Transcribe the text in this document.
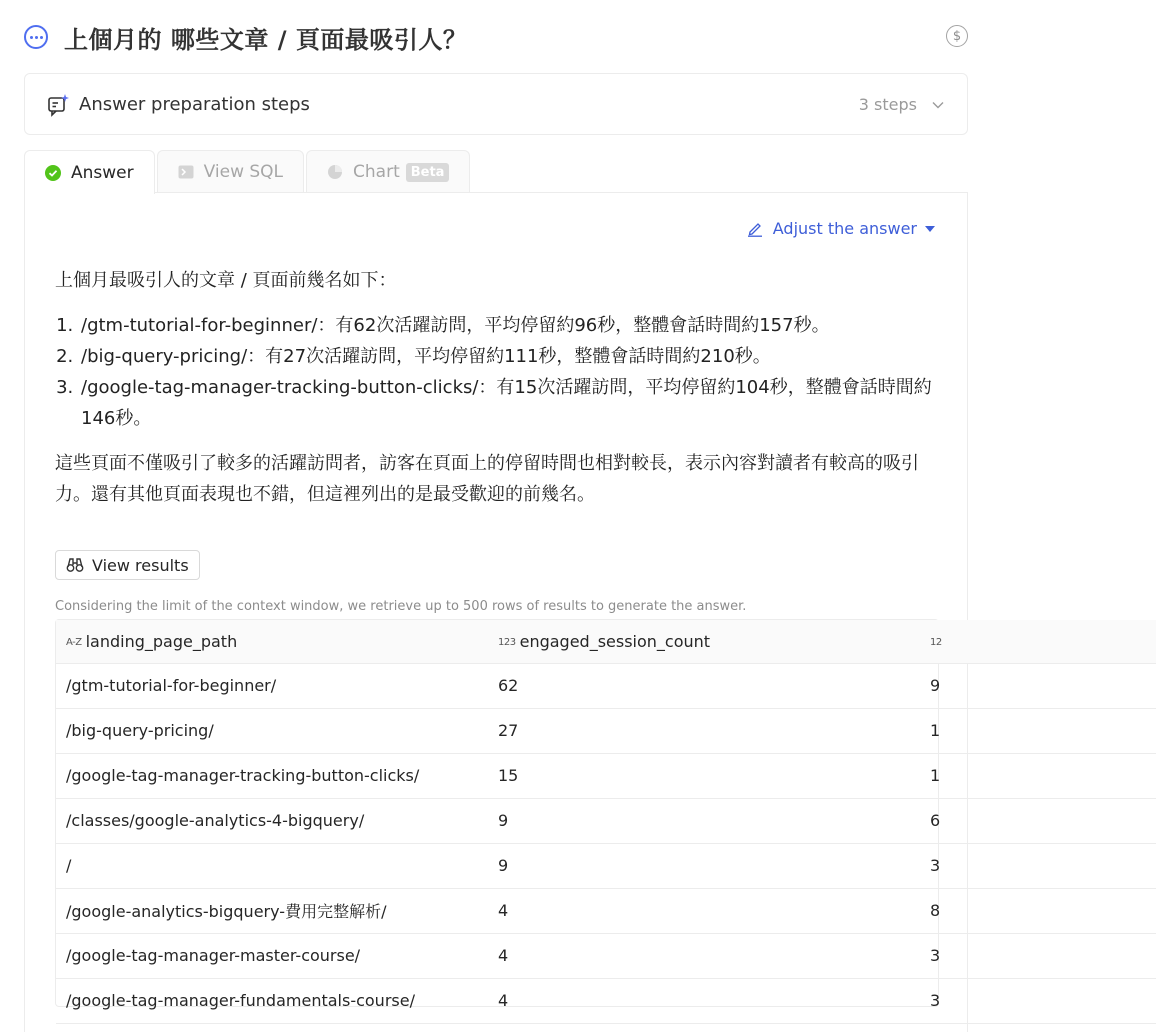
上個月的 哪些文章 / 頁面最吸引人？	$
Answer preparation steps	3 steps
Answer	View SQL	Chart Beta
Adjust the answer

上個月最吸引人的文章 / 頁面前幾名如下：

1. /gtm-tutorial-for-beginner/：有62次活躍訪問，平均停留約96秒，整體會話時間約157秒。
2. /big-query-pricing/：有27次活躍訪問，平均停留約111秒，整體會話時間約210秒。
3. /google-tag-manager-tracking-button-clicks/：有15次活躍訪問，平均停留約104秒，整體會話時間約146秒。

這些頁面不僅吸引了較多的活躍訪問者，訪客在頁面上的停留時間也相對較長，表示內容對讀者有較高的吸引力。還有其他頁面表現也不錯，但這裡列出的是最受歡迎的前幾名。

View results
Considering the limit of the context window, we retrieve up to 500 rows of results to generate the answer.
A-Z landing_page_path	123 engaged_session_count	12
/gtm-tutorial-for-beginner/	62	9
/big-query-pricing/	27	1
/google-tag-manager-tracking-button-clicks/	15	1
/classes/google-analytics-4-bigquery/	9	6
/	9	3
/google-analytics-bigquery-費用完整解析/	4	8
/google-tag-manager-master-course/	4	3
/google-tag-manager-fundamentals-course/	4	3
